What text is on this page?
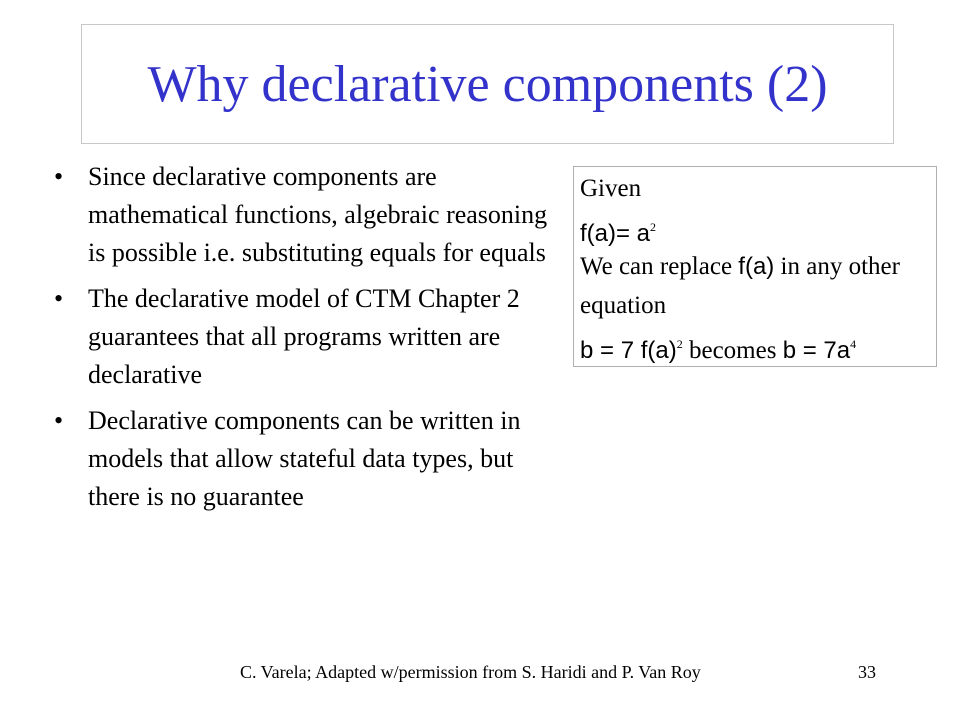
Why declarative components (2)
• Since declarative components are mathematical functions, algebraic reasoning is possible i.e. substituting equals for equals
• The declarative model of CTM Chapter 2 guarantees that all programs written are declarative
• Declarative components can be written in models that allow stateful data types, but there is no guarantee
Given
$f(a)= a^2$
We can replace f(a) in any other
equation
b = 7 $f(a)^2$ becomes $b = 7a^4$
C. Varela; Adapted w/permission from S. Haridi and P. Van Roy	33
